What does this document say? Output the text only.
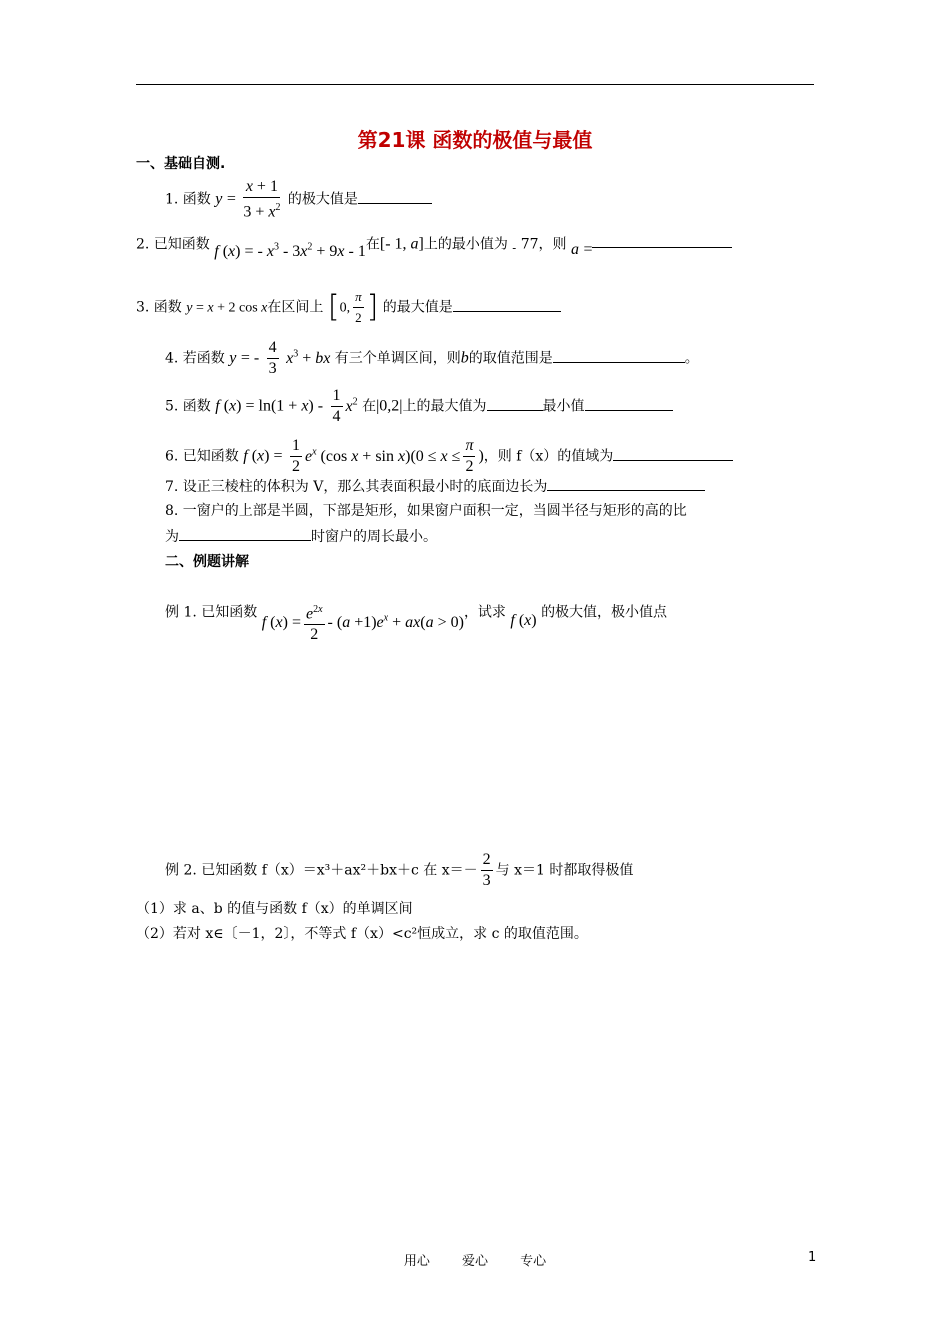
第21课 函数的极值与最值
一、基础自测.
1. 函数 $y = \frac{x + 1}{3 + x^2}$ 的极大值是
2. 已知函数 f (x) = - $x^3 - 3x^2 + 9x - 1$在[- 1, a]上的最小值为 $_-$ 77，则 a =
3. 函数 y = x + 2 cos x在区间上 [0, $\frac{\pi}{2}$ ] 的最大值是
4. 若函数 y = - $\frac{4}{3} x^3$ + bx 有三个单调区间，则b的取值范围是	。
5. 函数 f $(x) = \ln(1 + x) - \frac{1}{4} x^2$ 在|0,2|上的最大值为	最小值
6. 已知函数 f $(x) = \frac{1}{2} e^x$ (cos $x + \sin x)(0 \le x \le \frac{\pi}{2}$ )，则 f（x）的值域为
7. 设正三棱柱的体积为 V，那么其表面积最小时的底面边长为
8. 一窗户的上部是半圆，下部是矩形，如果窗户面积一定，当圆半径与矩形的高的比
为	时窗户的周长最小。
二、例题讲解
例 1. 已知函数 f $(x) = \frac{e^{2x}}{2} - (a +1)e^x + ax(a > 0)$，试求 f (x) 的极大值，极小值点
例 2. 已知函数 f（x）＝x³＋ax²＋bx＋c 在 $x=- \frac{2}{3}$ 与 x＝1 时都取得极值
（1）求 a、b 的值与函数 f（x）的单调区间
（2）若对 x∈〔－1，2〕，不等式 f（x）<c²恒成立，求 c 的取值范围。
用心 爱心 专心	1
